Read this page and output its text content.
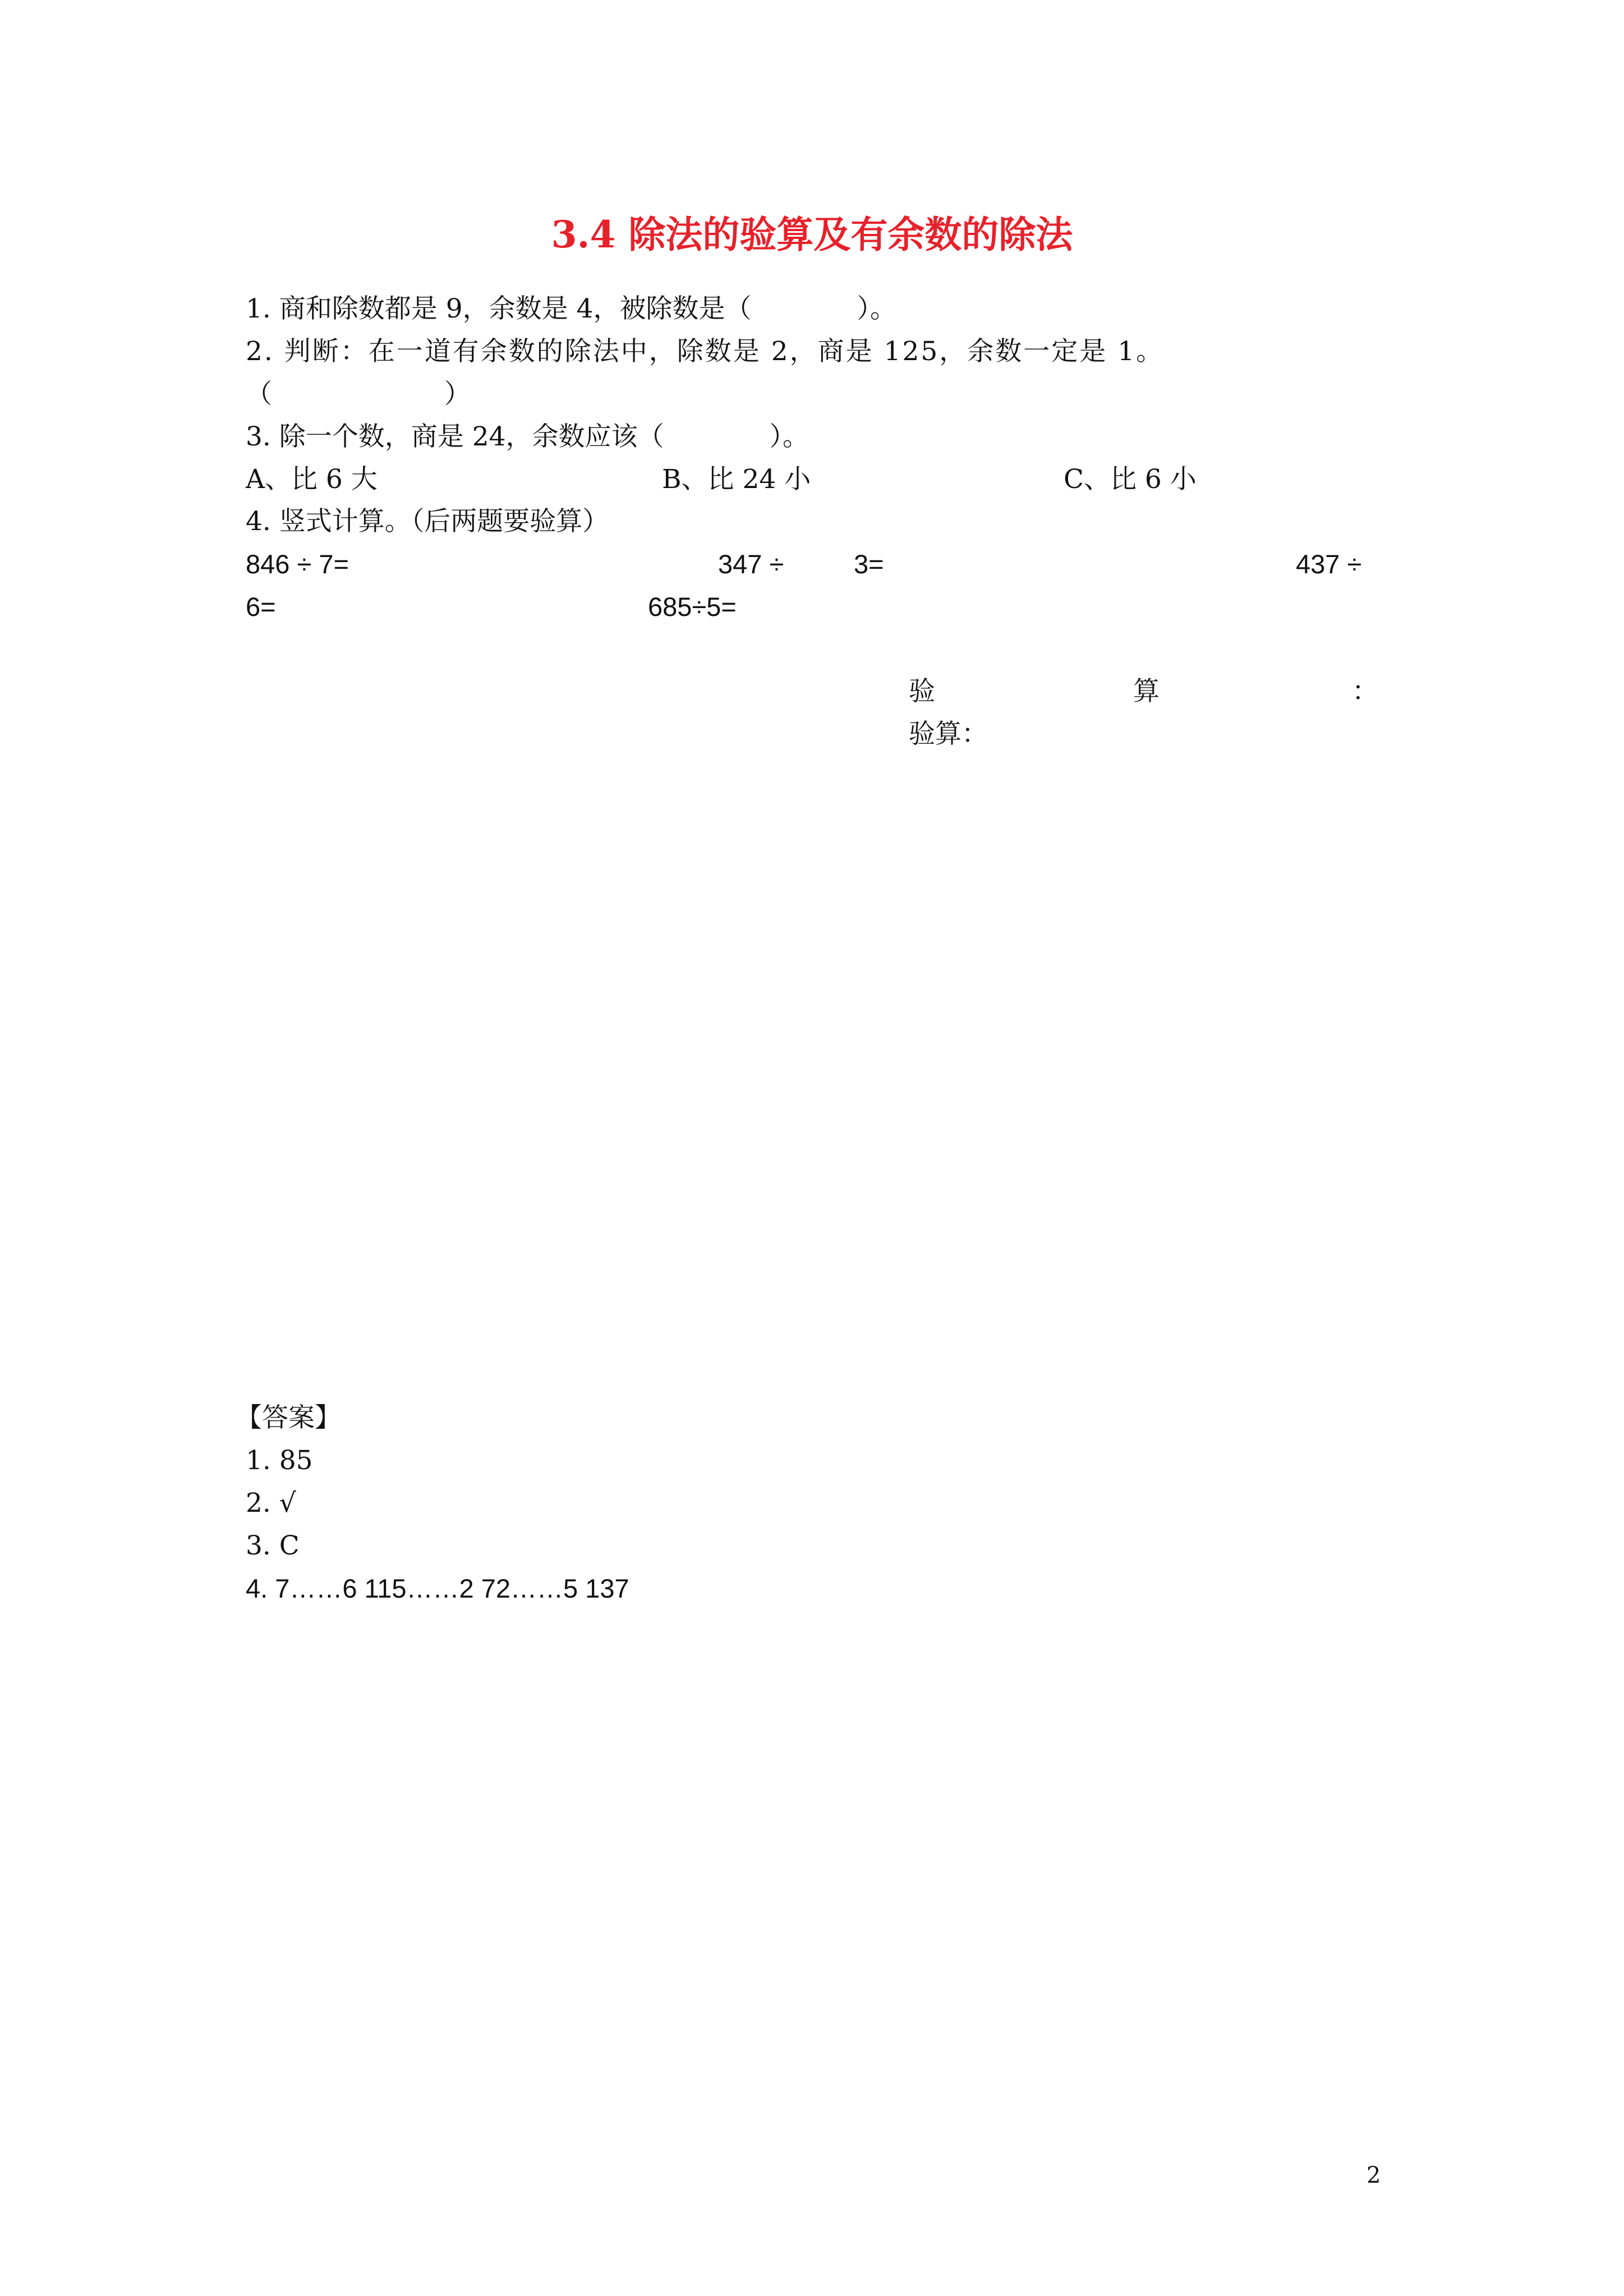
3.4 除法的验算及有余数的除法
1. 商和除数都是 9，余数是 4，被除数是（　　　　）。
2. 判断：在一道有余数的除法中，除数是 2，商是 125，余数一定是 1。
（	）
3. 除一个数，商是 24，余数应该（　　　　）。
A、比 6 大	B、比 24 小	C、比 6 小
4. 竖式计算。（后两题要验算）
846 ÷ 7=	347 ÷	3=	437 ÷
6=	685÷5=
验	算	：
验算：
【答案】
1. 85
2. √
3. C
4. 7……6 115……2 72……5 137
2
